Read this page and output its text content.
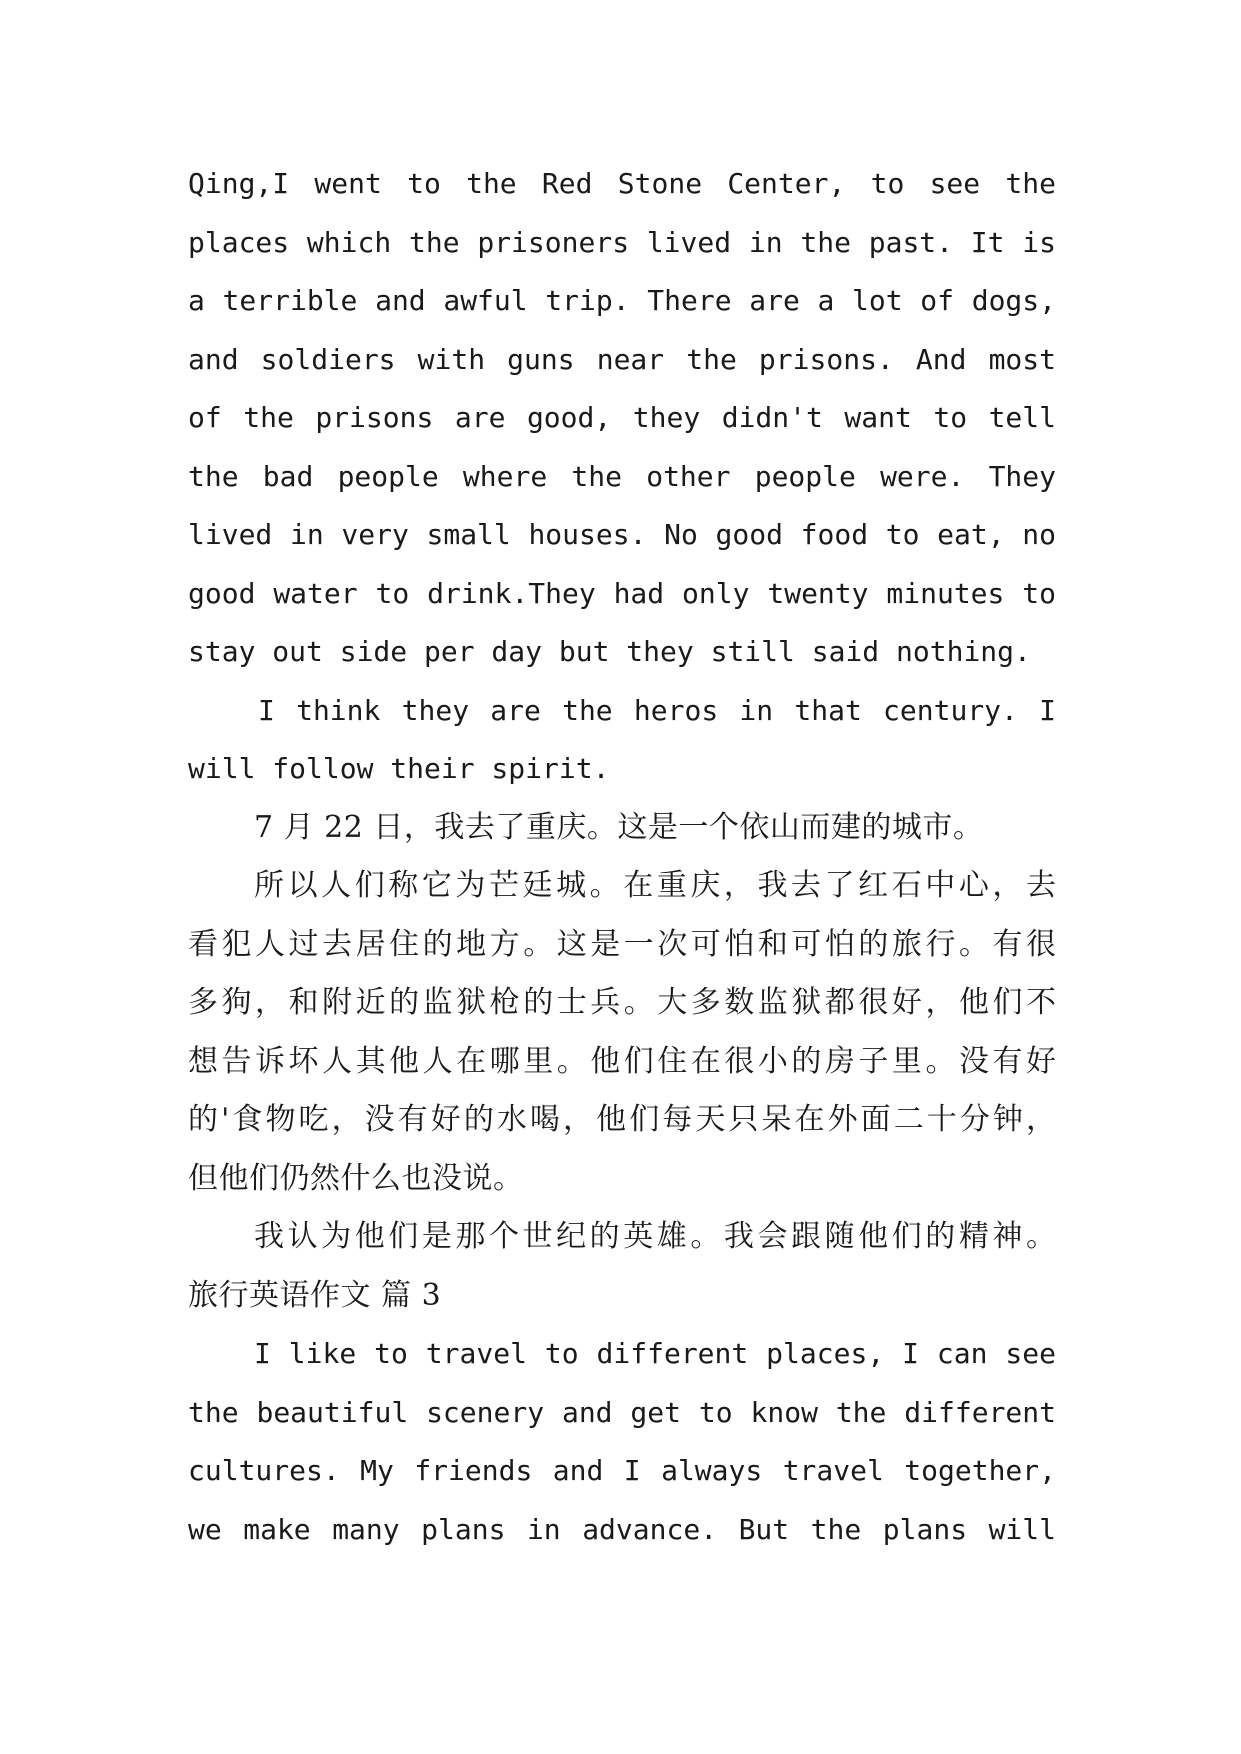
Qing,I went to the Red Stone Center, to see the
places which the prisoners lived in the past. It is
a terrible and awful trip. There are a lot of dogs,
and soldiers with guns near the prisons. And most
of the prisons are good, they didn't want to tell
the bad people where the other people were. They
lived in very small houses. No good food to eat, no
good water to drink.They had only twenty minutes to
stay out side per day but they still said nothing.
I think they are the heros in that century. I
will follow their spirit.
7 月 22 日，我去了重庆。这是一个依山而建的城市。
所以人们称它为芒廷城。在重庆，我去了红石中心，去
看犯人过去居住的地方。这是一次可怕和可怕的旅行。有很
多狗，和附近的监狱枪的士兵。大多数监狱都很好，他们不
想告诉坏人其他人在哪里。他们住在很小的房子里。没有好
的'食物吃，没有好的水喝，他们每天只呆在外面二十分钟，
但他们仍然什么也没说。
我认为他们是那个世纪的英雄。我会跟随他们的精神。
旅行英语作文 篇 3
I like to travel to different places, I can see
the beautiful scenery and get to know the different
cultures. My friends and I always travel together,
we make many plans in advance. But the plans will
